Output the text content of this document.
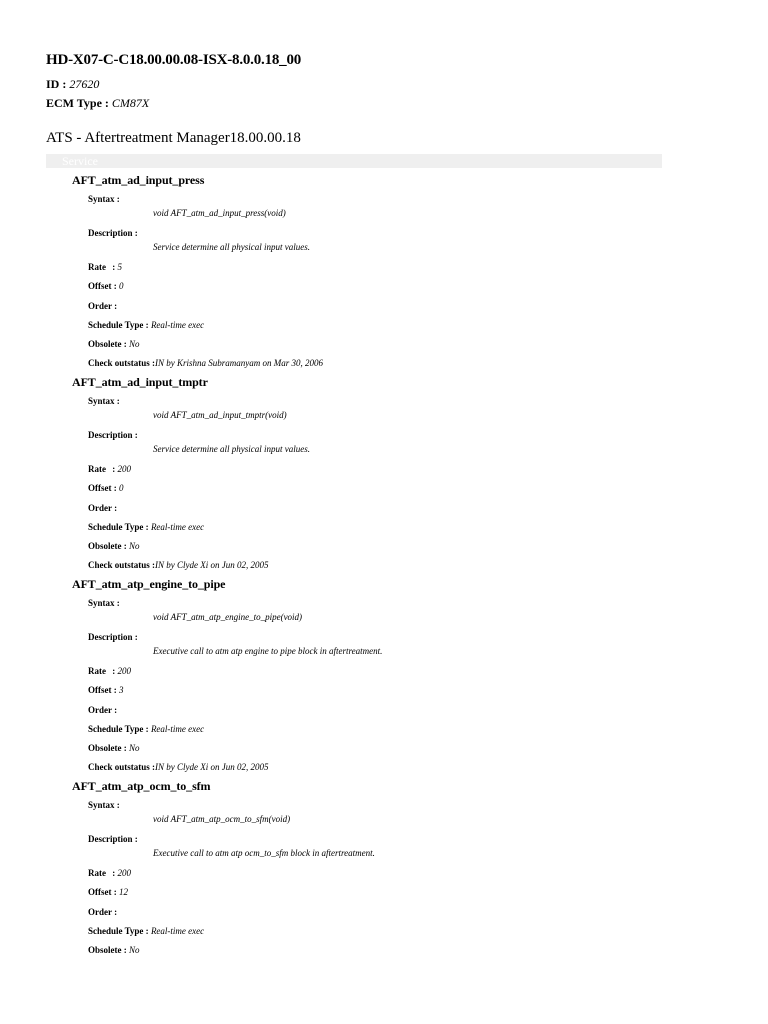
HD-X07-C-C18.00.00.08-ISX-8.0.0.18_00
ID : 27620
ECM Type : CM87X
ATS - Aftertreatment Manager18.00.00.18
Service
AFT_atm_ad_input_press
Syntax :
void AFT_atm_ad_input_press(void)
Description :
Service determine all physical input values.
Rate : 5
Offset : 0
Order :
Schedule Type : Real-time exec
Obsolete : No
Check outstatus :IN by Krishna Subramanyam on Mar 30, 2006
AFT_atm_ad_input_tmptr
Syntax :
void AFT_atm_ad_input_tmptr(void)
Description :
Service determine all physical input values.
Rate : 200
Offset : 0
Order :
Schedule Type : Real-time exec
Obsolete : No
Check outstatus :IN by Clyde Xi on Jun 02, 2005
AFT_atm_atp_engine_to_pipe
Syntax :
void AFT_atm_atp_engine_to_pipe(void)
Description :
Executive call to atm atp engine to pipe block in aftertreatment.
Rate : 200
Offset : 3
Order :
Schedule Type : Real-time exec
Obsolete : No
Check outstatus :IN by Clyde Xi on Jun 02, 2005
AFT_atm_atp_ocm_to_sfm
Syntax :
void AFT_atm_atp_ocm_to_sfm(void)
Description :
Executive call to atm atp ocm_to_sfm block in aftertreatment.
Rate : 200
Offset : 12
Order :
Schedule Type : Real-time exec
Obsolete : No
